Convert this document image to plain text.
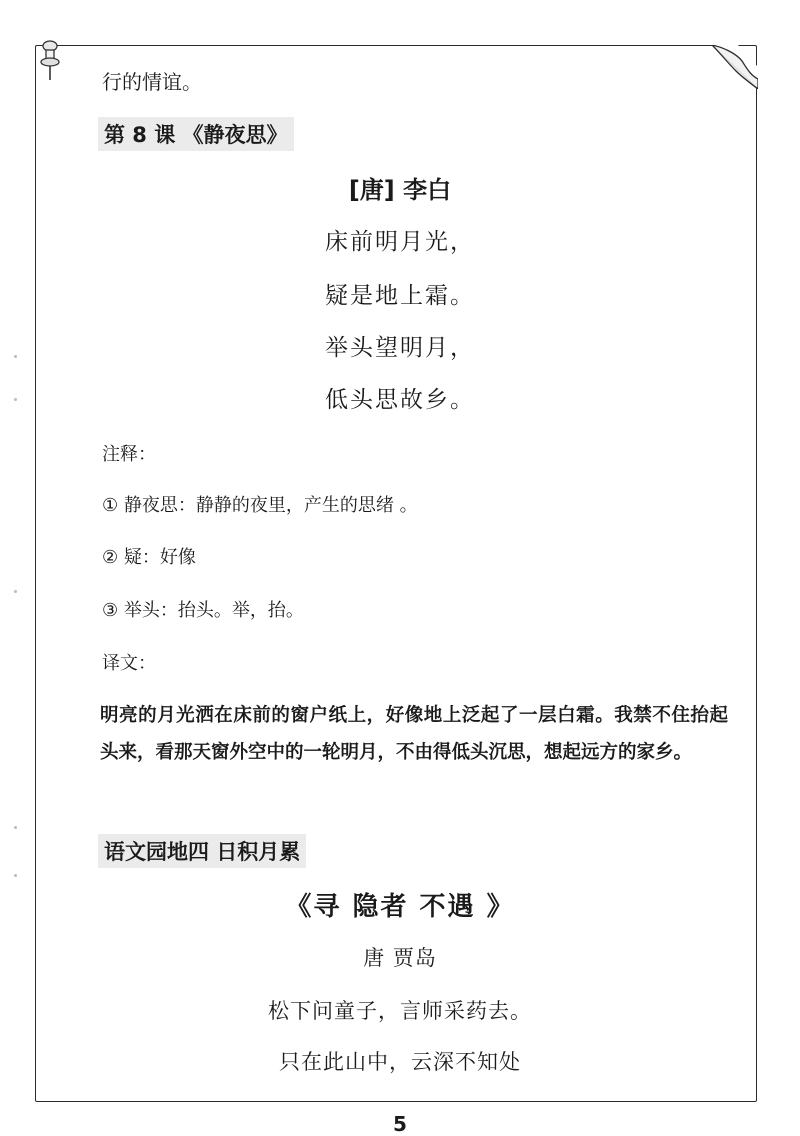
行的情谊。
第 8 课 《静夜思》
[唐] 李白
床前明月光，
疑是地上霜。
举头望明月，
低头思故乡。
注释：
① 静夜思：静静的夜里，产生的思绪 。
② 疑：好像
③ 举头：抬头。举，抬。
译文：
明亮的月光洒在床前的窗户纸上，好像地上泛起了一层白霜。我禁不住抬起头来，看那天窗外空中的一轮明月，不由得低头沉思，想起远方的家乡。
语文园地四 日积月累
《寻 隐者 不遇 》
唐 贾岛
松下问童子，言师采药去。
只在此山中，云深不知处
5
